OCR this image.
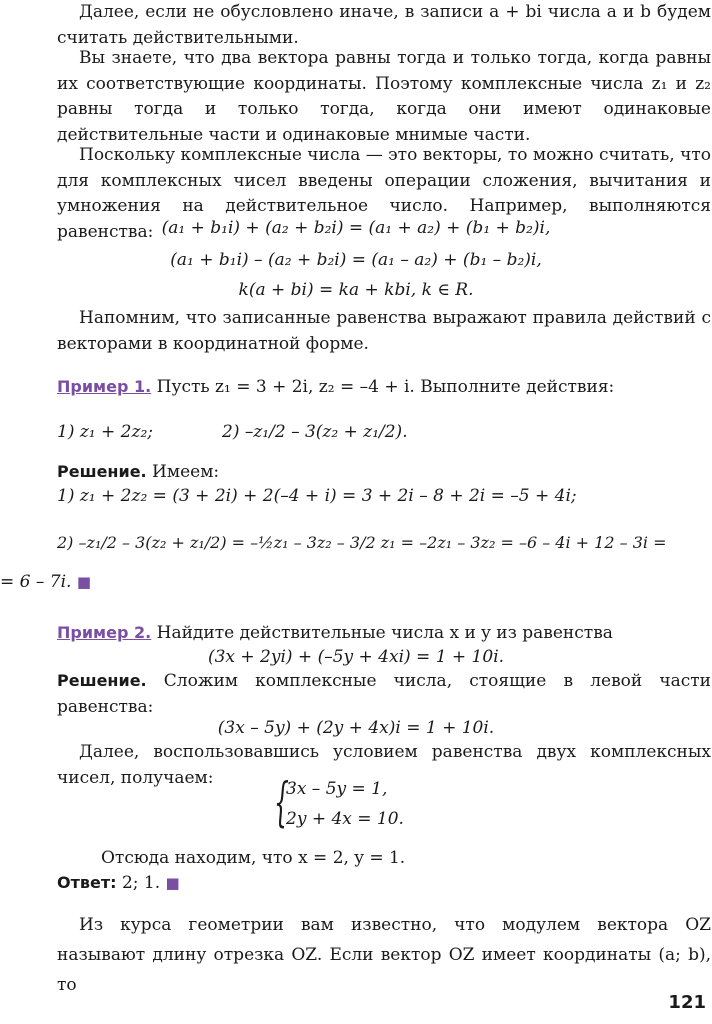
Далее, если не обусловлено иначе, в записи a + bi числа a и b будем считать действительными.
Вы знаете, что два вектора равны тогда и только тогда, когда равны их соответствующие координаты. Поэтому комплексные числа z₁ и z₂ равны тогда и только тогда, когда они имеют одинаковые действительные части и одинаковые мнимые части.
Поскольку комплексные числа — это векторы, то можно считать, что для комплексных чисел введены операции сложения, вычитания и умножения на действительное число. Например, выполняются равенства: (a₁ + b₁i) + (a₂ + b₂i) = (a₁ + a₂) + (b₁ + b₂)i,
(a₁ + b₁i) – (a₂ + b₂i) = (a₁ – a₂) + (b₁ – b₂)i,
k(a + bi) = ka + kbi, k ∈ R.
Напомним, что записанные равенства выражают правила действий с векторами в координатной форме.
Пример 1. Пусть z₁ = 3 + 2i, z₂ = –4 + i. Выполните действия:
1) z₁ + 2z₂;	2) –z₁/2 – 3(z₂ + z₁/2).
Решение. Имеем:
1) z₁ + 2z₂ = (3 + 2i) + 2(–4 + i) = 3 + 2i – 8 + 2i = –5 + 4i;
2) –z₁/2 – 3(z₂ + z₁/2) = –½z₁ – 3z₂ – 3/2 z₁ = –2z₁ – 3z₂ = –6 – 4i + 12 – 3i =
= 6 – 7i. ■
Пример 2. Найдите действительные числа x и y из равенства
(3x + 2yi) + (–5y + 4xi) = 1 + 10i.
Решение. Сложим комплексные числа, стоящие в левой части равенства:
(3x – 5y) + (2y + 4x)i = 1 + 10i.
Далее, воспользовавшись условием равенства двух комплексных чисел, получаем:	{
3x – 5y = 1,
2y + 4x = 10.
Отсюда находим, что x = 2, y = 1.
Ответ: 2; 1. ■
Из курса геометрии вам известно, что модулем вектора OZ называют длину отрезка OZ. Если вектор OZ имеет координаты (a; b), то
121
